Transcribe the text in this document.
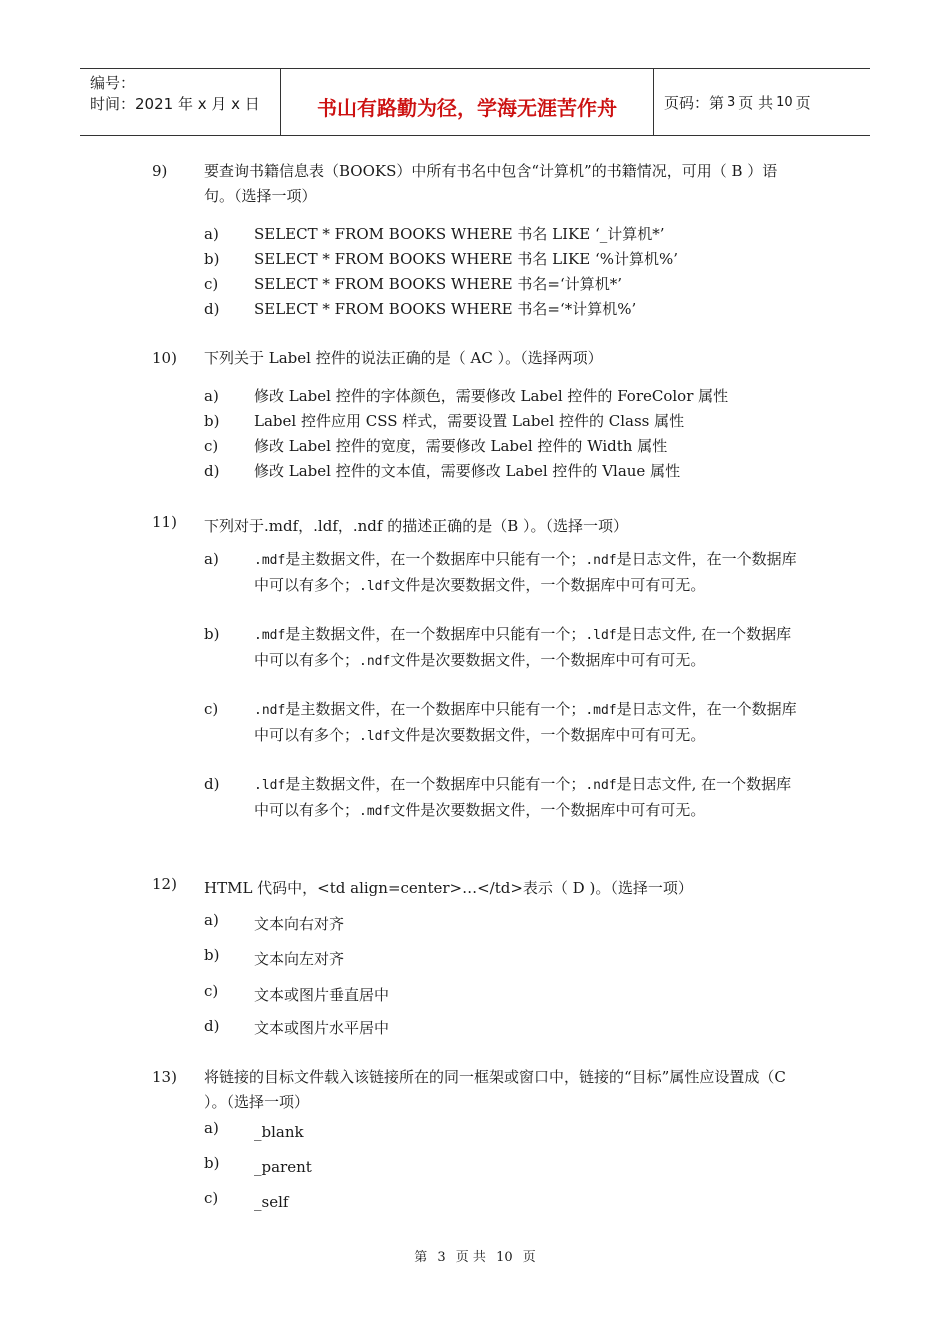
编号：
时间：2021 年 x 月 x 日	书山有路勤为径，学海无涯苦作舟	页码：第 3 页 共 10 页
9) 要查询书籍信息表（BOOKS）中所有书名中包含“计算机”的书籍情况，可用（ B ）语句。（选择一项）
a) SELECT * FROM BOOKS WHERE 书名 LIKE ‘_计算机*’
b) SELECT * FROM BOOKS WHERE 书名 LIKE ‘%计算机%’
c) SELECT * FROM BOOKS WHERE 书名=‘计算机*’
d) SELECT * FROM BOOKS WHERE 书名=‘*计算机%’
10) 下列关于 Label 控件的说法正确的是（ AC ）。（选择两项）
a) 修改 Label 控件的字体颜色，需要修改 Label 控件的 ForeColor 属性
b) Label 控件应用 CSS 样式，需要设置 Label 控件的 Class 属性
c) 修改 Label 控件的宽度，需要修改 Label 控件的 Width 属性
d) 修改 Label 控件的文本值，需要修改 Label 控件的 Vlaue 属性
11) 下列对于.mdf，.ldf，.ndf 的描述正确的是（B ）。（选择一项）
a)	.mdf是主数据文件，在一个数据库中只能有一个；.ndf是日志文件，在一个数据库中可以有多个；.ldf文件是次要数据文件，一个数据库中可有可无。
b)	.mdf是主数据文件，在一个数据库中只能有一个；.ldf是日志文件, 在一个数据库中可以有多个；.ndf文件是次要数据文件，一个数据库中可有可无。
c)	.ndf是主数据文件，在一个数据库中只能有一个；.mdf是日志文件，在一个数据库中可以有多个；.ldf文件是次要数据文件，一个数据库中可有可无。
d)	.ldf是主数据文件，在一个数据库中只能有一个；.ndf是日志文件, 在一个数据库中可以有多个；.mdf文件是次要数据文件，一个数据库中可有可无。
12) HTML 代码中，<td align=center>…</td>表示（ D )。（选择一项）
a) 文本向右对齐
b) 文本向左对齐
c) 文本或图片垂直居中
d) 文本或图片水平居中
13) 将链接的目标文件载入该链接所在的同一框架或窗口中，链接的“目标”属性应设置成（C ）。（选择一项）
a) _blank
b) _parent
c) _self
第 3 页 共 10 页
